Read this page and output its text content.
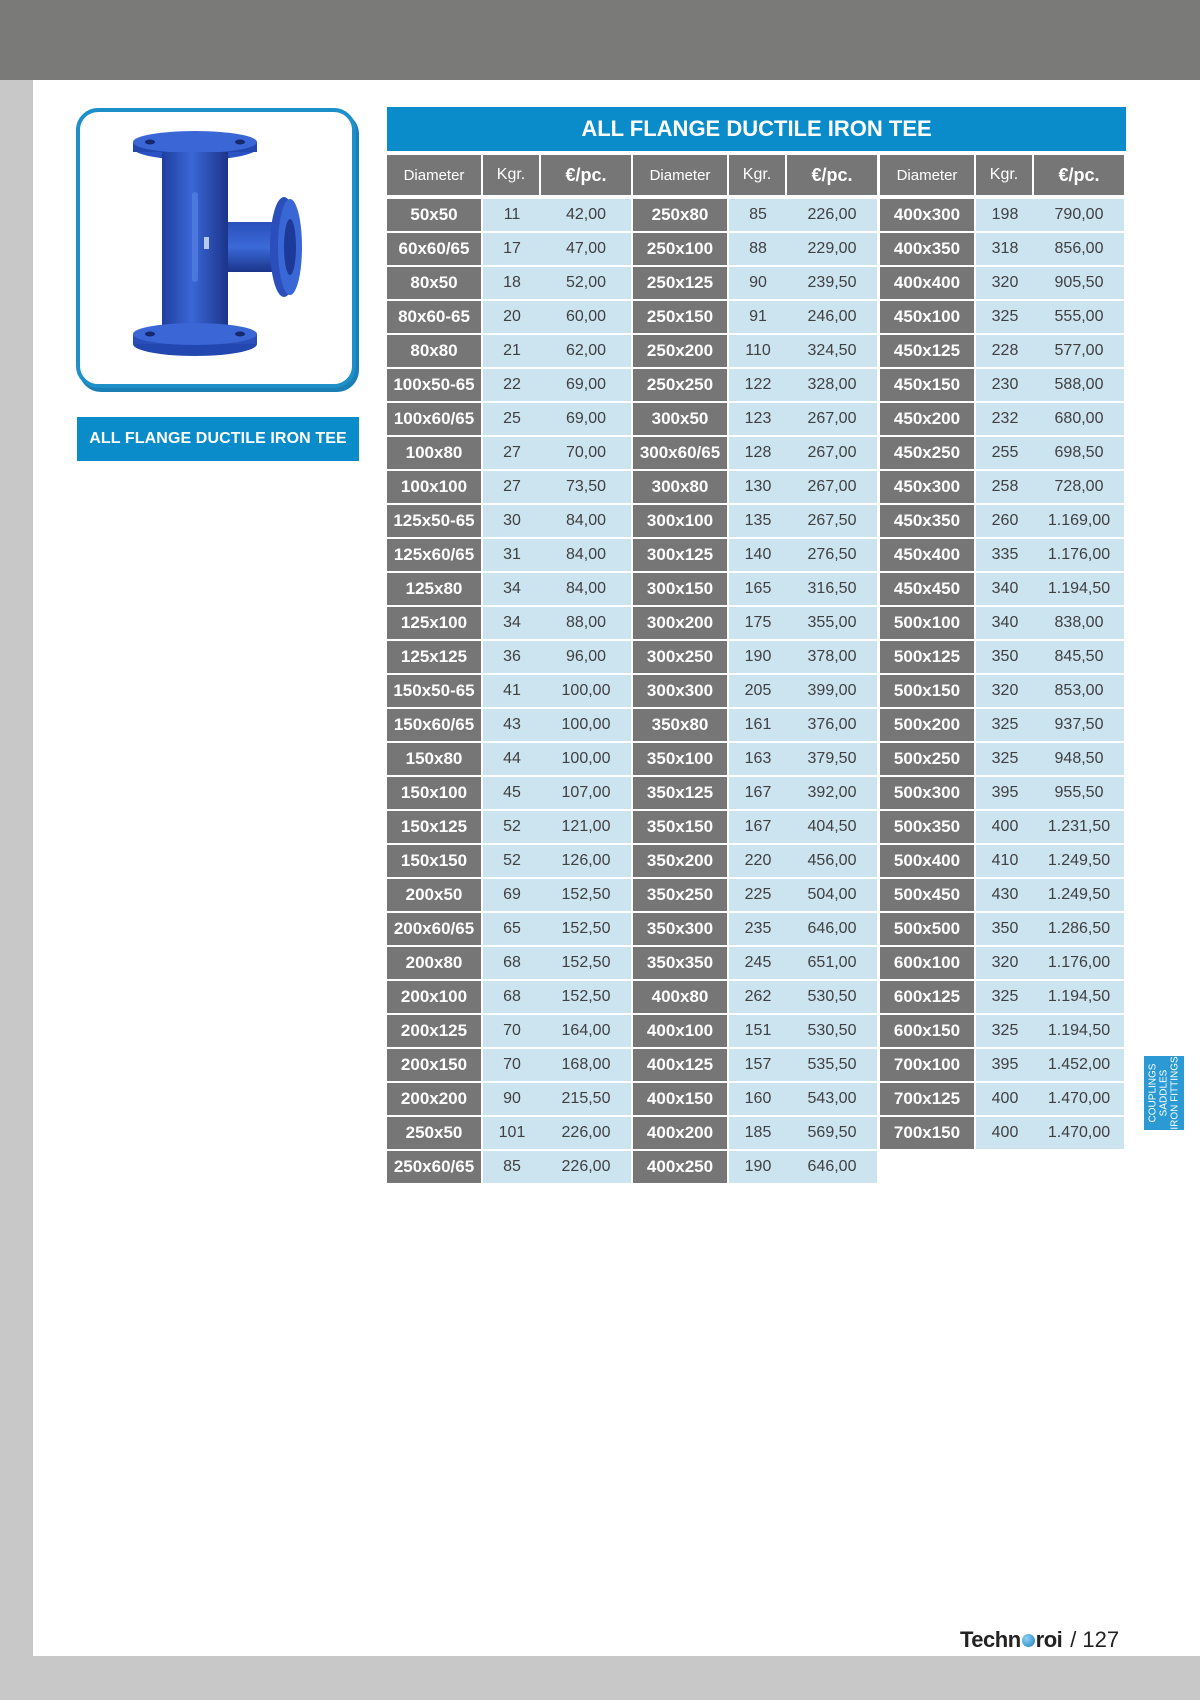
ALL FLANGE DUCTILE IRON TEE
ALL FLANGE DUCTILE IRON TEE
Diameter	Kgr.	€/pc.
50x50	11	42,00
60x60/65	17	47,00
80x50	18	52,00
80x60-65	20	60,00
80x80	21	62,00
100x50-65	22	69,00
100x60/65	25	69,00
100x80	27	70,00
100x100	27	73,50
125x50-65	30	84,00
125x60/65	31	84,00
125x80	34	84,00
125x100	34	88,00
125x125	36	96,00
150x50-65	41	100,00
150x60/65	43	100,00
150x80	44	100,00
150x100	45	107,00
150x125	52	121,00
150x150	52	126,00
200x50	69	152,50
200x60/65	65	152,50
200x80	68	152,50
200x100	68	152,50
200x125	70	164,00
200x150	70	168,00
200x200	90	215,50
250x50	101	226,00
250x60/65	85	226,00
Diameter	Kgr.	€/pc.
250x80	85	226,00
250x100	88	229,00
250x125	90	239,50
250x150	91	246,00
250x200	110	324,50
250x250	122	328,00
300x50	123	267,00
300x60/65	128	267,00
300x80	130	267,00
300x100	135	267,50
300x125	140	276,50
300x150	165	316,50
300x200	175	355,00
300x250	190	378,00
300x300	205	399,00
350x80	161	376,00
350x100	163	379,50
350x125	167	392,00
350x150	167	404,50
350x200	220	456,00
350x250	225	504,00
350x300	235	646,00
350x350	245	651,00
400x80	262	530,50
400x100	151	530,50
400x125	157	535,50
400x150	160	543,00
400x200	185	569,50
400x250	190	646,00
Diameter	Kgr.	€/pc.
400x300	198	790,00
400x350	318	856,00
400x400	320	905,50
450x100	325	555,00
450x125	228	577,00
450x150	230	588,00
450x200	232	680,00
450x250	255	698,50
450x300	258	728,00
450x350	260	1.169,00
450x400	335	1.176,00
450x450	340	1.194,50
500x100	340	838,00
500x125	350	845,50
500x150	320	853,00
500x200	325	937,50
500x250	325	948,50
500x300	395	955,50
500x350	400	1.231,50
500x400	410	1.249,50
500x450	430	1.249,50
500x500	350	1.286,50
600x100	320	1.176,00
600x125	325	1.194,50
600x150	325	1.194,50
700x100	395	1.452,00
700x125	400	1.470,00
700x150	400	1.470,00
COUPLINGS SADDLES IRON FITTINGS
Techn roi / 127
